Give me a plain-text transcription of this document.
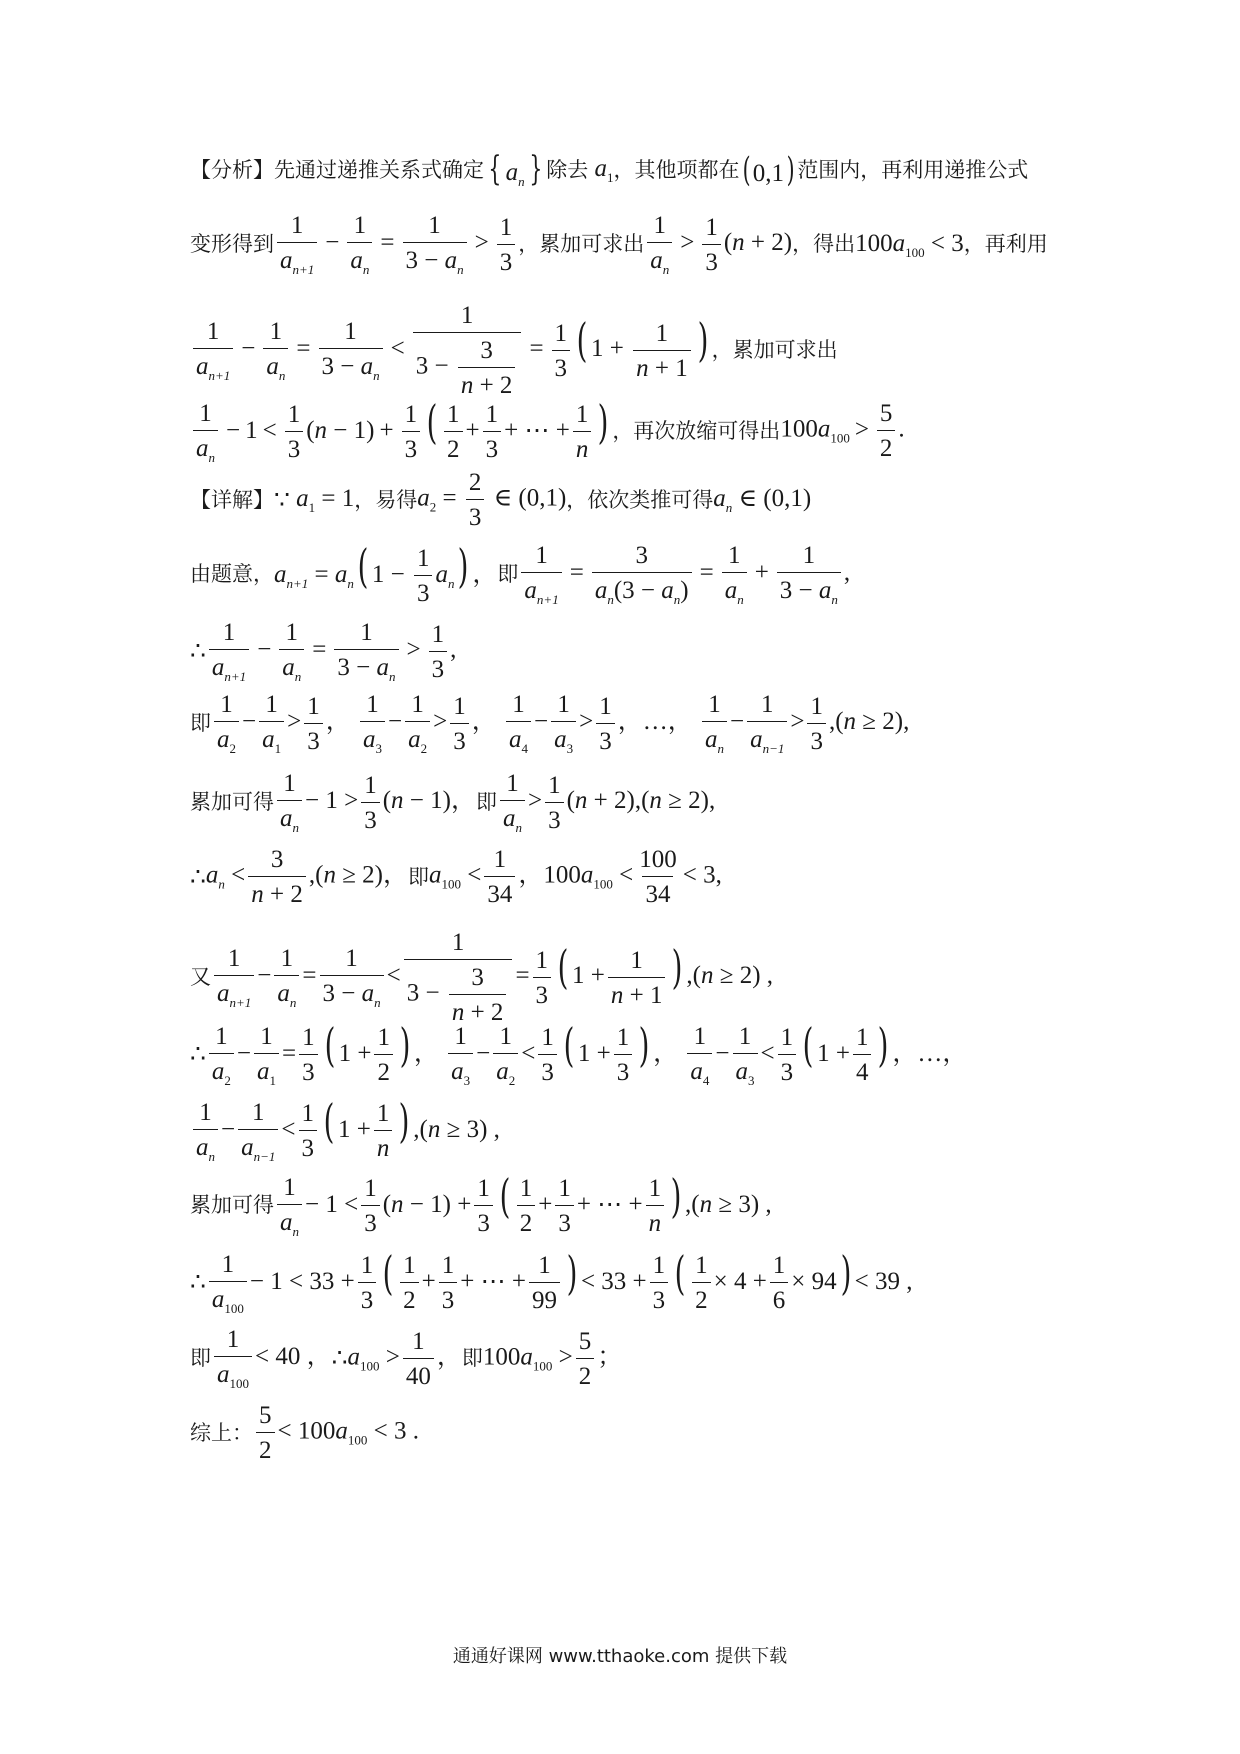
【分析】 先通过递推关系式确定 { $a_n$ } 除去 $a_1$ ，其他项都在 ( 0,1) 范围内，再利用递推公式
变形得到 $\frac{1}{a_{n+1}} - \frac{1}{a_n} = \frac{1}{3 - a_n} > \frac{1}{3}$ ，累加可求出 $\frac{1}{a_n} > \frac{1}{3} (n + 2)$ ，得出 $100a_{100} < 3$ ，再利用
$\frac{1}{a_{n+1}} - \frac{1}{a_n} = \frac{1}{3 - a_n} < \frac{1}{3 - \frac{3}{n + 2}} = \frac{1}{3}$ ( $1 + \frac{1}{n + 1}$ ) ，累加可求出
$\frac{1}{a_n} - 1 < \frac{1}{3} (n - 1) + \frac{1}{3}$ ( $\frac{1}{2} + \frac{1}{3}$ + ⋯ + $\frac{1}{n}$ ) ，再次放缩可得出 $100a_{100} > \frac{5}{2}$ .
【详解】 ∵ $a_1 = 1$ ，易得 $a_2 = \frac{2}{3}$ ∈ (0,1) ，依次类推可得 $a_n$ ∈ (0,1)
由题意， $a_{n+1} = a_n$( $1 - \frac{1}{3} a_n$) ， 即 $\frac{1}{a_{n+1}} = \frac{3}{a_n(3 - a_n)} = \frac{1}{a_n} + \frac{1}{3 - a_n}$ ,
∴ $\frac{1}{a_{n+1}} - \frac{1}{a_n} = \frac{1}{3 - a_n} > \frac{1}{3}$ ,
即 $\frac{1}{a_2} - \frac{1}{a_1} > \frac{1}{3}$ ， $\frac{1}{a_3} - \frac{1}{a_2} > \frac{1}{3}$ ， $\frac{1}{a_4} - \frac{1}{a_3} > \frac{1}{3}$ ，…， $\frac{1}{a_n} - \frac{1}{a_{n-1}} > \frac{1}{3} ,(n \ge 2)$,
累加可得 $\frac{1}{a_n} - 1 > \frac{1}{3} (n - 1)$， 即 $\frac{1}{a_n} > \frac{1}{3} (n + 2),(n \ge 2)$,
∴ $a_n < \frac{3}{n + 2} ,(n \ge 2)$， 即 $a_{100} < \frac{1}{34}$ ，$100a_{100} < \frac{100}{34} < 3$,
又 $\frac{1}{a_{n+1}} - \frac{1}{a_n} = \frac{1}{3 - a_n} < \frac{1}{3 - \frac{3}{n + 2}} = \frac{1}{3}$ ( $1 + \frac{1}{n + 1}$ ) ,(n ≥ 2) ,
∴ $\frac{1}{a_2} - \frac{1}{a_1} = \frac{1}{3}$ ( $1 + \frac{1}{2}$ ) ， $\frac{1}{a_3} - \frac{1}{a_2} < \frac{1}{3}$ ( $1 + \frac{1}{3}$ ) ， $\frac{1}{a_4} - \frac{1}{a_3} < \frac{1}{3}$ ( $1 + \frac{1}{4}$ ) ，…，
$\frac{1}{a_n} - \frac{1}{a_{n-1}} < \frac{1}{3}$ ( $1 + \frac{1}{n}$ ) ,(n ≥ 3) ,
累加可得 $\frac{1}{a_n} - 1 < \frac{1}{3} (n - 1) + \frac{1}{3}$ ( $\frac{1}{2} + \frac{1}{3}$ + ⋯ + $\frac{1}{n}$ ) ,(n ≥ 3) ,
∴ $\frac{1}{a_{100}} - 1 < 33 + \frac{1}{3}$ ( $\frac{1}{2} + \frac{1}{3}$ + ⋯ + $\frac{1}{99}$ ) < $33 + \frac{1}{3}$ ( $\frac{1}{2} \times 4 + \frac{1}{6} \times 94) < 39$ ,
即 $\frac{1}{a_{100}} < 40$ ， ∴ $a_{100} > \frac{1}{40}$ ， 即 $100a_{100} > \frac{5}{2}$ ；
综上： $\frac{5}{2} < 100a_{100} < 3$ .
通通好课网 www.tthaoke.com 提供下载
